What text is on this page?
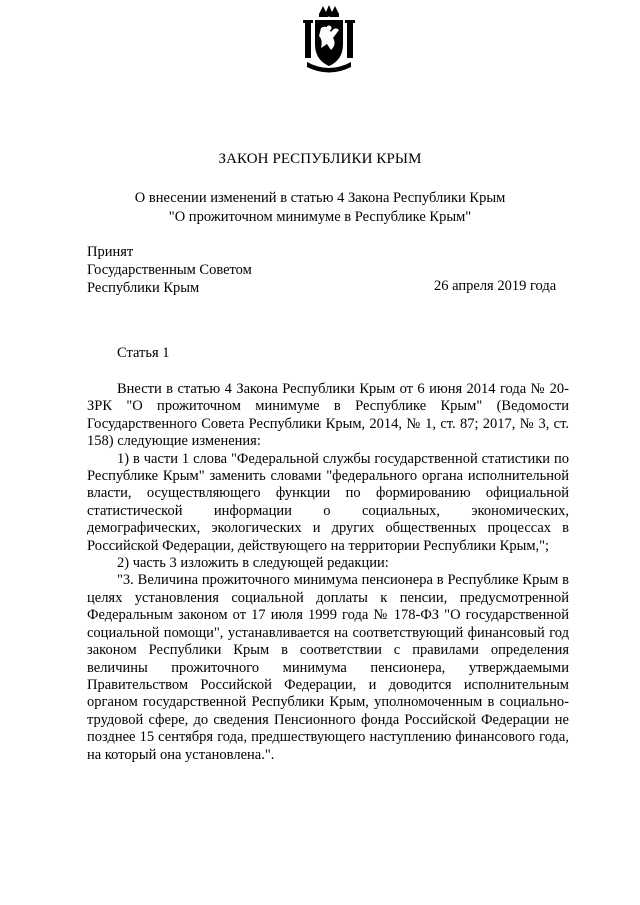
ЗАКОН РЕСПУБЛИКИ КРЫМ
О внесении изменений в статью 4 Закона Республики Крым
"О прожиточном минимуме в Республике Крым"
Принят
Государственным Советом
Республики Крым	26 апреля 2019 года
Статья 1

Внести в статью 4 Закона Республики Крым от 6 июня 2014 года № 20-ЗРК "О прожиточном минимуме в Республике Крым" (Ведомости Государственного Совета Республики Крым, 2014, № 1, ст. 87; 2017, № 3, ст. 158) следующие изменения:

1) в части 1 слова "Федеральной службы государственной статистики по Республике Крым" заменить словами "федерального органа исполнительной власти, осуществляющего функции по формированию официальной статистической информации о социальных, экономических, демографических, экологических и других общественных процессах в Российской Федерации, действующего на территории Республики Крым,";

2) часть 3 изложить в следующей редакции:

"3. Величина прожиточного минимума пенсионера в Республике Крым в целях установления социальной доплаты к пенсии, предусмотренной Федеральным законом от 17 июля 1999 года № 178-ФЗ "О государственной социальной помощи", устанавливается на соответствующий финансовый год законом Республики Крым в соответствии с правилами определения величины прожиточного минимума пенсионера, утверждаемыми Правительством Российской Федерации, и доводится исполнительным органом государственной Республики Крым, уполномоченным в социально-трудовой сфере, до сведения Пенсионного фонда Российской Федерации не позднее 15 сентября года, предшествующего наступлению финансового года, на который она установлена.".
